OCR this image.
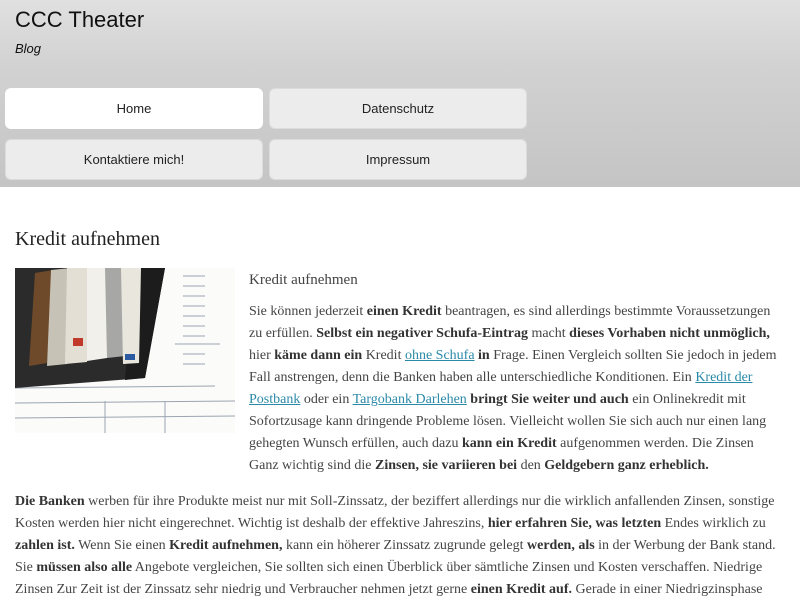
CCC Theater
Blog
Home	Datenschutz
Kontaktiere mich!	Impressum
Kredit aufnehmen
Kredit aufnehmen

Sie können jederzeit einen Kredit beantragen, es sind allerdings bestimmte Voraussetzungen zu erfüllen. Selbst ein negativer Schufa-Eintrag macht dieses Vorhaben nicht unmöglich, hier käme dann ein Kredit ohne Schufa in Frage. Einen Vergleich sollten Sie jedoch in jedem Fall anstrengen, denn die Banken haben alle unterschiedliche Konditionen. Ein Kredit der Postbank oder ein Targobank Darlehen bringt Sie weiter und auch ein Onlinekredit mit Sofortzusage kann dringende Probleme lösen. Vielleicht wollen Sie sich auch nur einen lang gehegten Wunsch erfüllen, auch dazu kann ein Kredit aufgenommen werden. Die Zinsen Ganz wichtig sind die Zinsen, sie variieren bei den Geldgebern ganz erheblich.

Die Banken werben für ihre Produkte meist nur mit Soll-Zinssatz, der beziffert allerdings nur die wirklich anfallenden Zinsen, sonstige Kosten werden hier nicht eingerechnet. Wichtig ist deshalb der effektive Jahreszins, hier erfahren Sie, was letzten Endes wirklich zu zahlen ist. Wenn Sie einen Kredit aufnehmen, kann ein höherer Zinssatz zugrunde gelegt werden, als in der Werbung der Bank stand. Sie müssen also alle Angebote vergleichen, Sie sollten sich einen Überblick über sämtliche Zinsen und Kosten verschaffen. Niedrige Zinsen Zur Zeit ist der Zinssatz sehr niedrig und Verbraucher nehmen jetzt gerne einen Kredit auf. Gerade in einer Niedrigzinsphase
